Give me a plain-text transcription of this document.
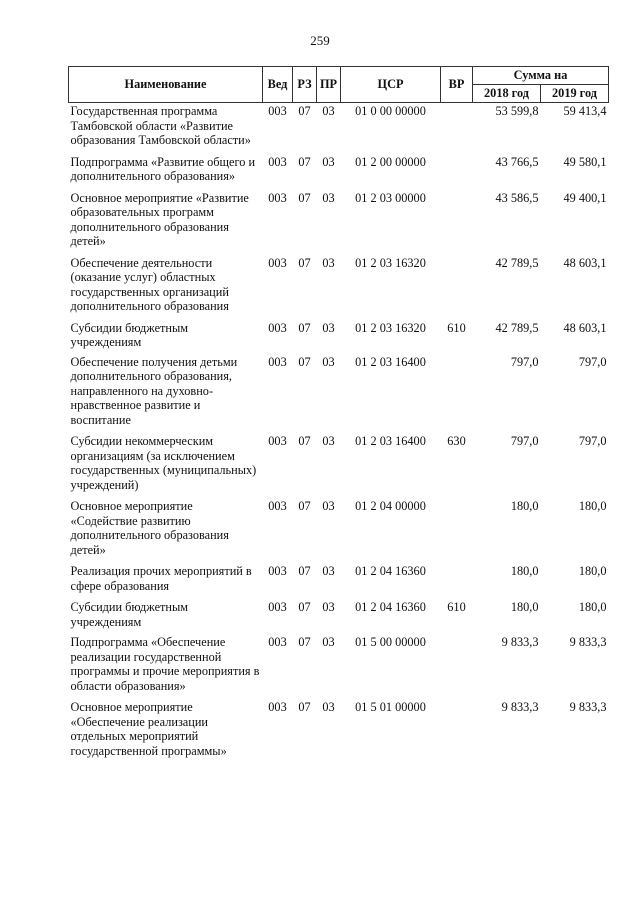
259
Наименование	Вед	РЗ	ПР	ЦСР	ВР	Сумма на	
						2018 год	2019 год
Государственная программа Тамбовской области «Развитие образования Тамбовской области»	003	07	03	01 0 00 00000		53 599,8	59 413,4
Подпрограмма «Развитие общего и дополнительного образования»	003	07	03	01 2 00 00000		43 766,5	49 580,1
Основное мероприятие «Развитие образовательных программ дополнительного образования детей»	003	07	03	01 2 03 00000		43 586,5	49 400,1
Обеспечение деятельности (оказание услуг) областных государственных организаций дополнительного образования	003	07	03	01 2 03 16320		42 789,5	48 603,1
Субсидии бюджетным учреждениям	003	07	03	01 2 03 16320	610	42 789,5	48 603,1
Обеспечение получения детьми дополнительного образования, направленного на духовно-нравственное развитие и воспитание	003	07	03	01 2 03 16400		797,0	797,0
Субсидии некоммерческим организациям (за исключением государственных (муниципальных) учреждений)	003	07	03	01 2 03 16400	630	797,0	797,0
Основное мероприятие «Содействие развитию дополнительного образования детей»	003	07	03	01 2 04 00000		180,0	180,0
Реализация прочих мероприятий в сфере образования	003	07	03	01 2 04 16360		180,0	180,0
Субсидии бюджетным учреждениям	003	07	03	01 2 04 16360	610	180,0	180,0
Подпрограмма «Обеспечение реализации государственной программы и прочие мероприятия в области образования»	003	07	03	01 5 00 00000		9 833,3	9 833,3
Основное мероприятие «Обеспечение реализации отдельных мероприятий государственной программы»	003	07	03	01 5 01 00000		9 833,3	9 833,3
